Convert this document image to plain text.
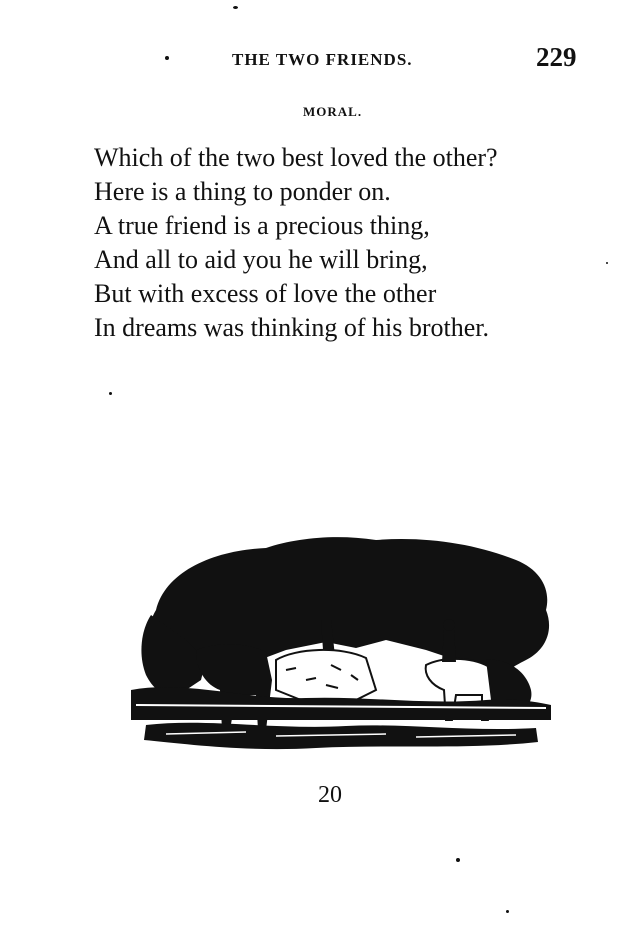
THE TWO FRIENDS.	229
MORAL.
Which of the two best loved the other?
Here is a thing to ponder on.
A true friend is a precious thing,
And all to aid you he will bring,
But with excess of love the other
In dreams was thinking of his brother.
20
